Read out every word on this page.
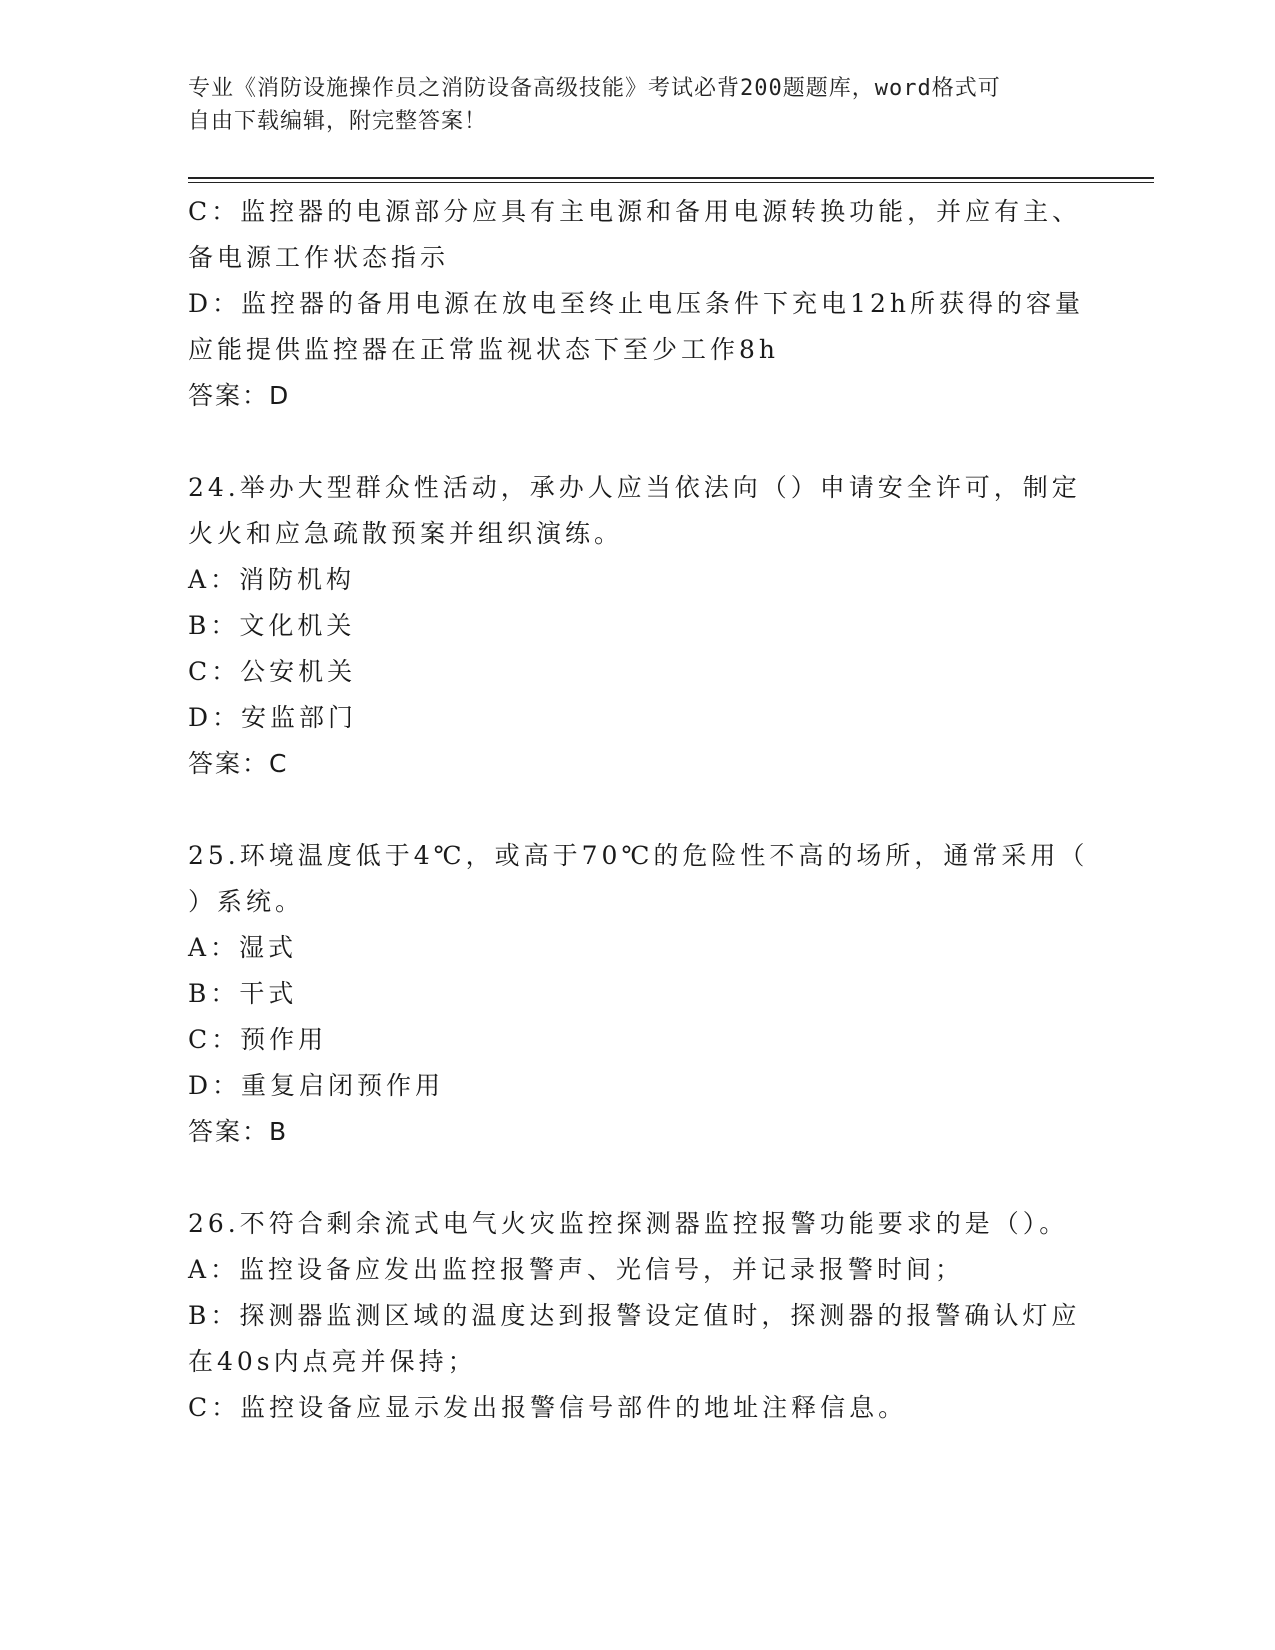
专业《消防设施操作员之消防设备高级技能》考试必背200题题库，word格式可
自由下载编辑，附完整答案！

C：监控器的电源部分应具有主电源和备用电源转换功能，并应有主、

备电源工作状态指示

D：监控器的备用电源在放电至终止电压条件下充电12h所获得的容量

应能提供监控器在正常监视状态下至少工作8h

答案：D

24.举办大型群众性活动，承办人应当依法向（）申请安全许可，制定

火火和应急疏散预案并组织演练。

A：消防机构

B：文化机关

C：公安机关

D：安监部门

答案：C

25.环境温度低于4℃，或高于70℃的危险性不高的场所，通常采用（

）系统。

A：湿式

B：干式

C：预作用

D：重复启闭预作用

答案：B

26.不符合剩余流式电气火灾监控探测器监控报警功能要求的是（）。

A：监控设备应发出监控报警声、光信号，并记录报警时间；

B：探测器监测区域的温度达到报警设定值时，探测器的报警确认灯应

在40s内点亮并保持；

C：监控设备应显示发出报警信号部件的地址注释信息。
